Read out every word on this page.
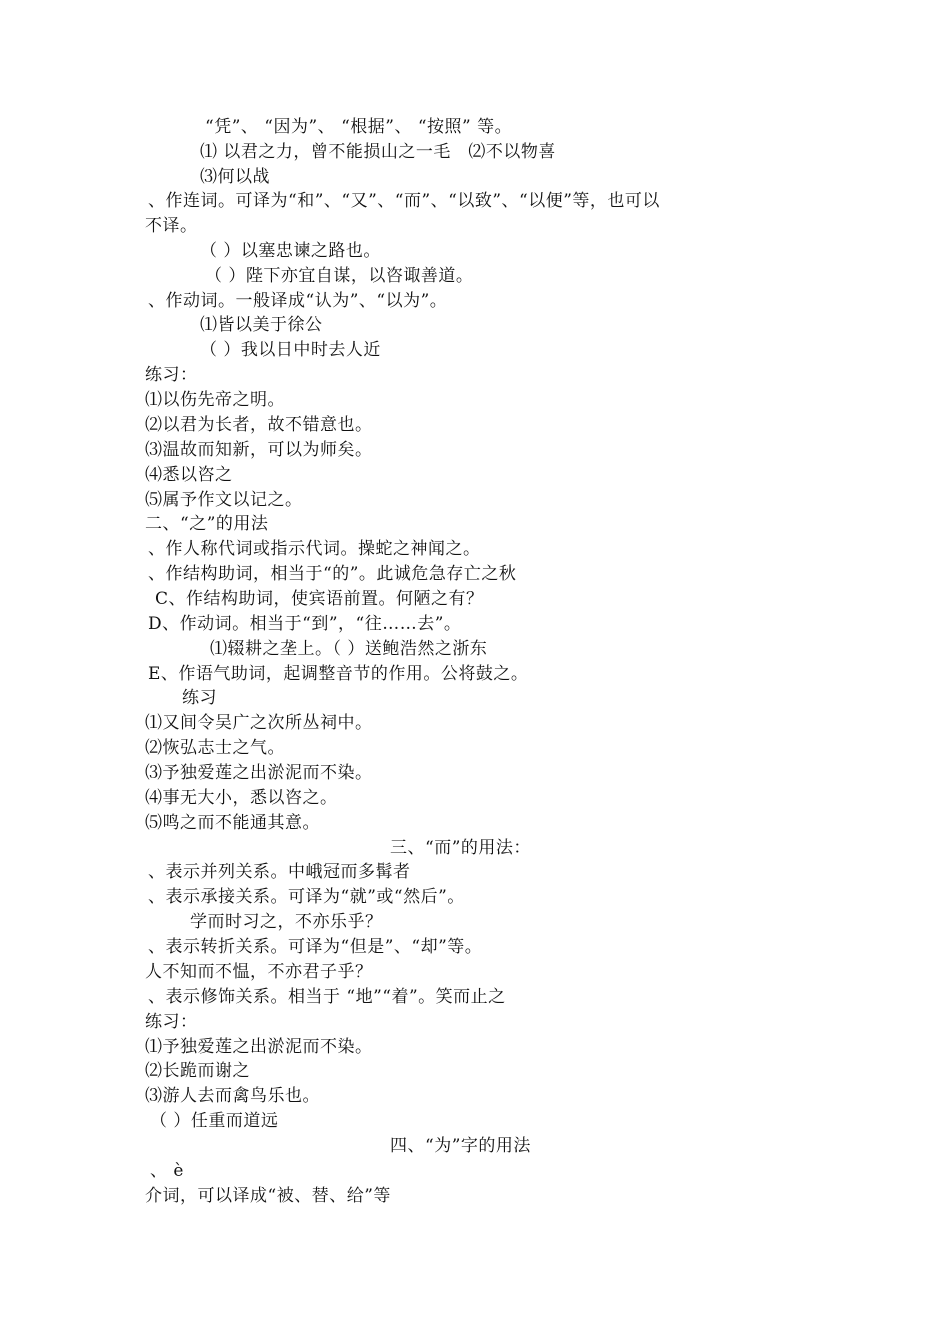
“凭”、 “因为”、 “根据”、 “按照” 等。
⑴ 以君之力，曾不能损山之一毛　⑵不以物喜
⑶何以战
、作连词。可译为“和”、“又”、“而”、“以致”、“以便”等，也可以
不译。
（ ）以塞忠谏之路也。
（ ）陛下亦宜自谋，以咨诹善道。
、作动词。一般译成“认为”、“以为”。
⑴皆以美于徐公
（ ）我以日中时去人近
练习：
⑴以伤先帝之明。
⑵以君为长者，故不错意也。
⑶温故而知新，可以为师矣。
⑷悉以咨之
⑸属予作文以记之。
二、“之”的用法
、作人称代词或指示代词。操蛇之神闻之。
、作结构助词，相当于“的”。此诚危急存亡之秋
C、作结构助词，使宾语前置。何陋之有？
D、作动词。相当于“到”，“往……去”。
⑴辍耕之垄上。（ ）送鲍浩然之浙东
E、作语气助词，起调整音节的作用。公将鼓之。
练习
⑴又间令吴广之次所丛祠中。
⑵恢弘志士之气。
⑶予独爱莲之出淤泥而不染。
⑷事无大小，悉以咨之。
⑸鸣之而不能通其意。
三、“而”的用法：
、表示并列关系。中峨冠而多髯者
、表示承接关系。可译为“就”或“然后”。
学而时习之，不亦乐乎？
、表示转折关系。可译为“但是”、“却”等。
人不知而不愠，不亦君子乎？
、表示修饰关系。相当于 “地”“着”。笑而止之
练习：
⑴予独爱莲之出淤泥而不染。
⑵长跪而谢之
⑶游人去而禽鸟乐也。
（ ）任重而道远
四、“为”字的用法
、 è
介词，可以译成“被、替、给”等
